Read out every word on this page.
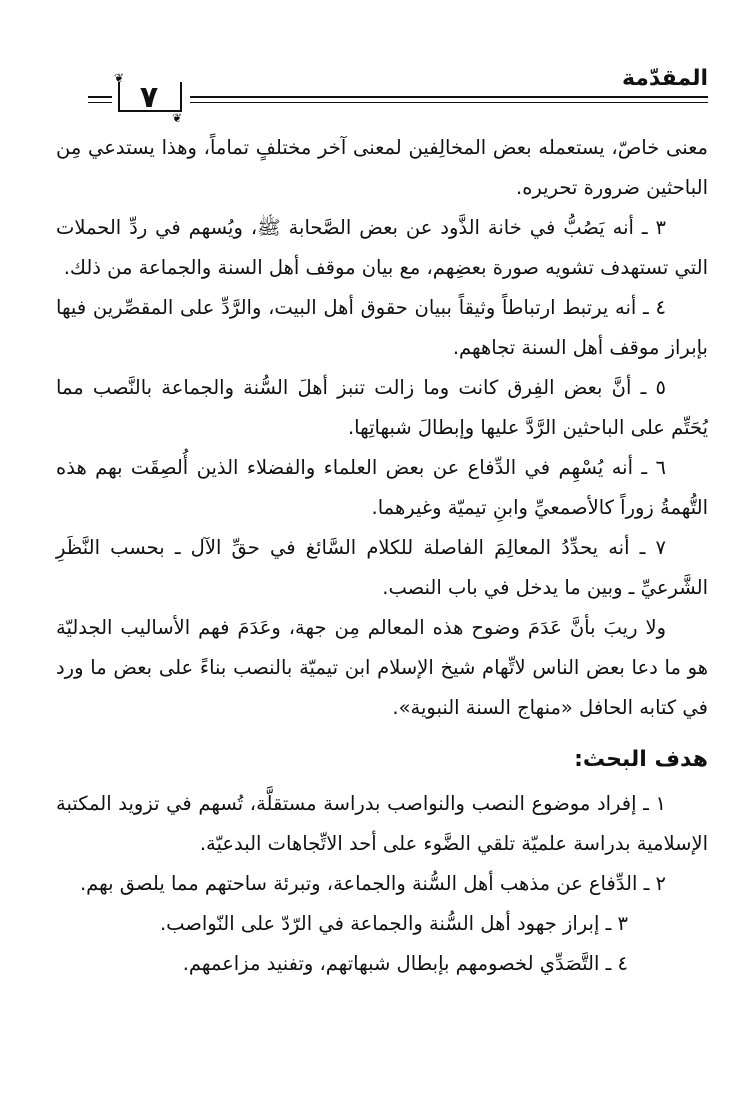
المقدّمة
٧
❦
❦

معنى خاصّ، يستعمله بعض المخالِفين لمعنى آخر مختلفٍ تماماً، وهذا يستدعي مِن الباحثين ضرورة تحريره.

٣ ـ أنه يَصُبُّ في خانة الذَّود عن بعض الصَّحابة ﷺ، ويُسهم في ردِّ الحملات التي تستهدف تشويه صورة بعضِهم، مع بيان موقف أهل السنة والجماعة من ذلك.

٤ ـ أنه يرتبط ارتباطاً وثيقاً ببيان حقوق أهل البيت، والرَّدِّ على المقصِّرين فيها بإبراز موقف أهل السنة تجاههم.

٥ ـ أنَّ بعض الفِرق كانت وما زالت تنبز أهلَ السُّنة والجماعة بالنَّصب مما يُحَتِّم على الباحثين الرَّدَّ عليها وإبطالَ شبهاتِها.

٦ ـ أنه يُسْهِم في الدِّفاع عن بعض العلماء والفضلاء الذين أُلصِقَت بهم هذه التُّهمةُ زوراً كالأصمعيِّ وابنِ تيميّة وغيرهما.

٧ ـ أنه يحدِّدُ المعالِمَ الفاصلة للكلام السَّائغ في حقِّ الآل ـ بحسب النَّظَرِ الشَّرعيِّ ـ وبين ما يدخل في باب النصب.

ولا ريبَ بأنَّ عَدَمَ وضوح هذه المعالم مِن جهة، وعَدَمَ فهم الأساليب الجدليّة هو ما دعا بعض الناس لاتِّهام شيخ الإسلام ابن تيميّة بالنصب بناءً على بعض ما ورد في كتابه الحافل «منهاج السنة النبوية».

هدف البحث:

١ ـ إفراد موضوع النصب والنواصب بدراسة مستقلَّة، تُسهم في تزويد المكتبة الإسلامية بدراسة علميّة تلقي الضَّوء على أحد الاتِّجاهات البدعيّة.

٢ ـ الدِّفاع عن مذهب أهل السُّنة والجماعة، وتبرئة ساحتهم مما يلصق بهم.

٣ ـ إبراز جهود أهل السُّنة والجماعة في الرّدّ على النّواصب.

٤ ـ التَّصَدِّي لخصومهم بإبطال شبهاتهم، وتفنيد مزاعمهم.
